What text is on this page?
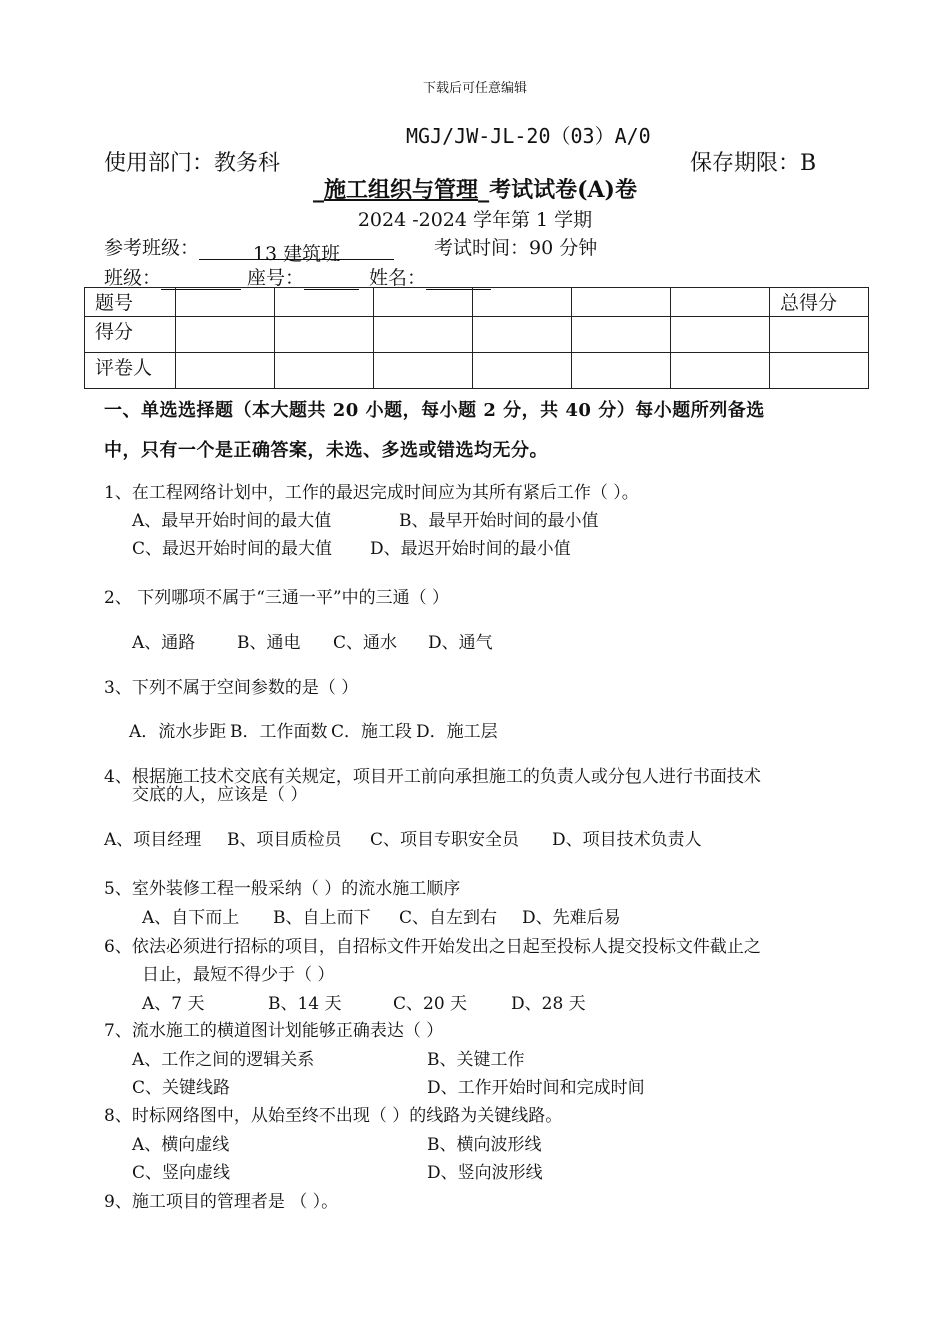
下载后可任意编辑
MGJ/JW-JL-20（03）A/0
使用部门：教务科	保存期限：B
_施工组织与管理_考试试卷(A)卷
2024 -2024 学年第 1 学期
参考班级：	13 建筑班	考试时间：90 分钟
班级：	座号：	姓名：
题号							总得分
得分							
评卷人							
一、单选选择题（本大题共 20 小题，每小题 2 分，共 40 分）每小题所列备选
中，只有一个是正确答案，未选、多选或错选均无分。
1、在工程网络计划中，工作的最迟完成时间应为其所有紧后工作（ ）。
A、最早开始时间的最大值	B、最早开始时间的最小值
C、最迟开始时间的最大值 D、最迟开始时间的最小值
2、 下列哪项不属于“三通一平”中的三通（ ）
A、通路 B、通电 C、通水 D、通气
3、下列不属于空间参数的是（ ）
A．流水步距 B．工作面数 C．施工段 D．施工层
4、根据施工技术交底有关规定，项目开工前向承担施工的负责人或分包人进行书面技术
交底的人，应该是（ ）
A、项目经理 B、项目质检员 C、项目专职安全员 D、项目技术负责人
5、室外装修工程一般采纳（ ）的流水施工顺序
A、自下而上 B、自上而下 C、自左到右 D、先难后易
6、依法必须进行招标的项目，自招标文件开始发出之日起至投标人提交投标文件截止之
日止，最短不得少于（ ）
A、7 天	B、14 天	C、20 天	D、28 天
7、流水施工的横道图计划能够正确表达（ ）
A、工作之间的逻辑关系	B、关键工作
C、关键线路	D、工作开始时间和完成时间
8、时标网络图中，从始至终不出现（ ）的线路为关键线路。
A、横向虚线	B、横向波形线
C、竖向虚线	D、竖向波形线
9、施工项目的管理者是 （ ）。
